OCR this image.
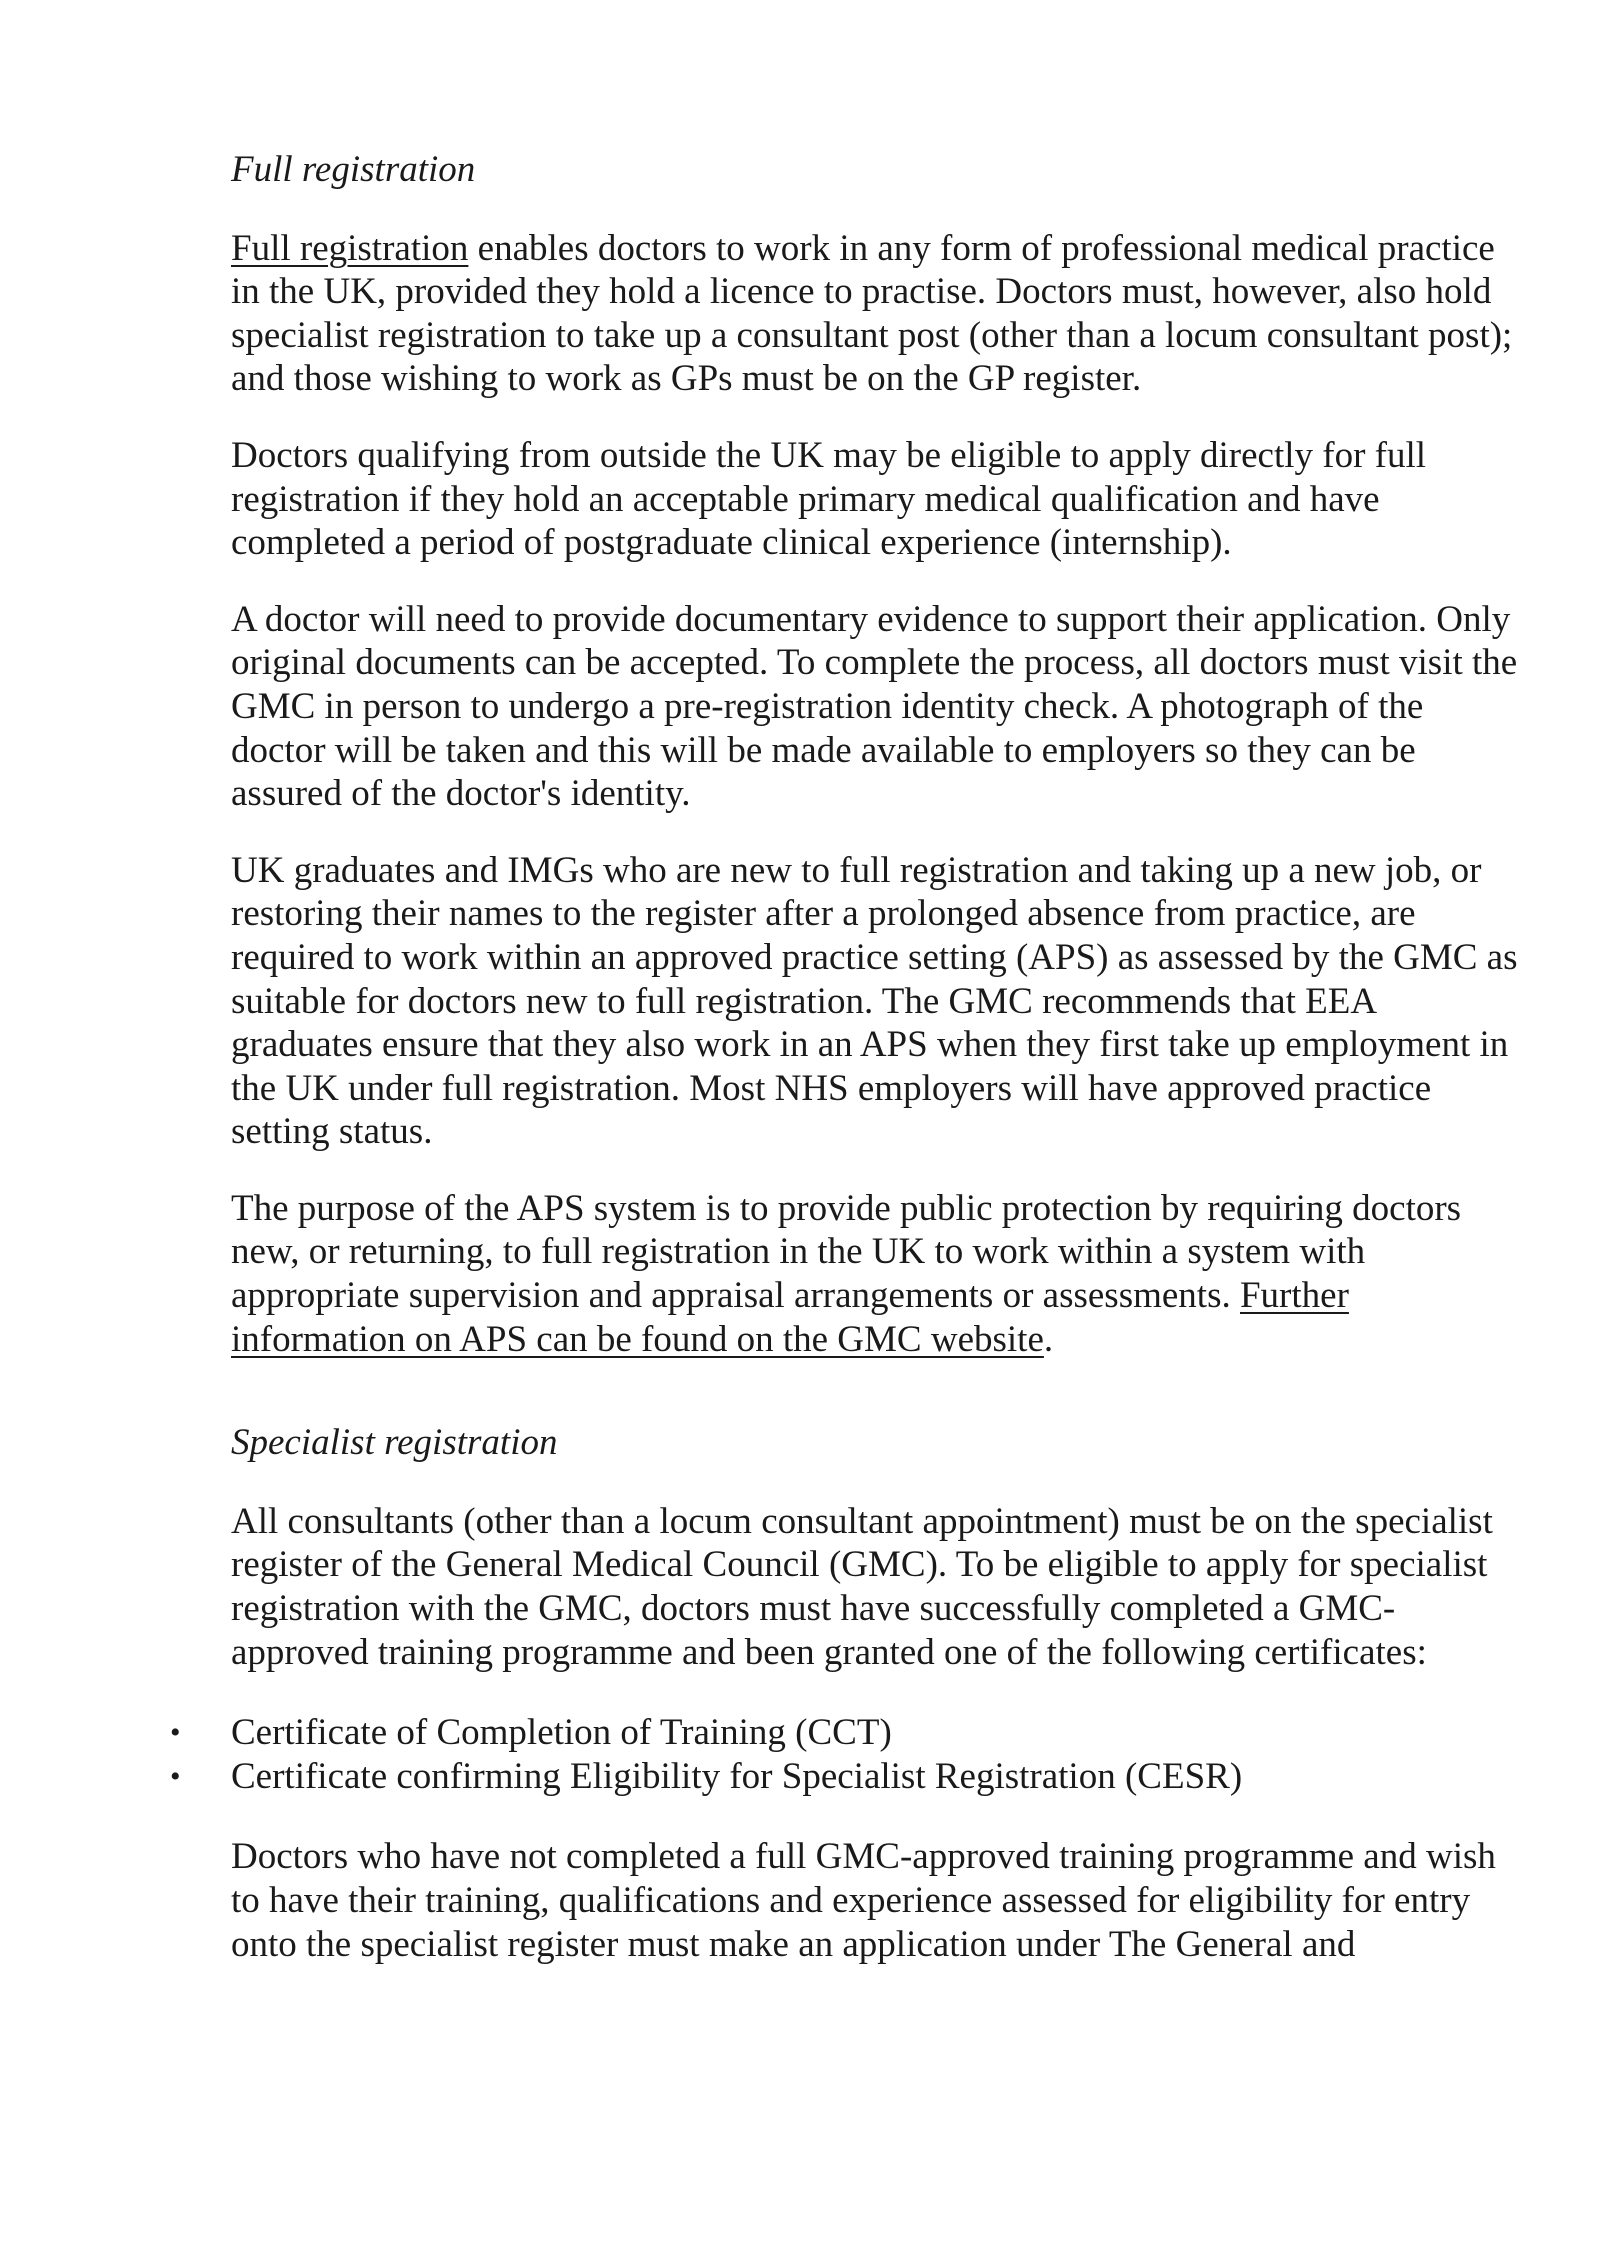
Full registration

Full registration enables doctors to work in any form of professional medical practice in the UK, provided they hold a licence to practise. Doctors must, however, also hold specialist registration to take up a consultant post (other than a locum consultant post); and those wishing to work as GPs must be on the GP register.

Doctors qualifying from outside the UK may be eligible to apply directly for full registration if they hold an acceptable primary medical qualification and have completed a period of postgraduate clinical experience (internship).

A doctor will need to provide documentary evidence to support their application. Only original documents can be accepted. To complete the process, all doctors must visit the GMC in person to undergo a pre-registration identity check. A photograph of the doctor will be taken and this will be made available to employers so they can be assured of the doctor's identity.

UK graduates and IMGs who are new to full registration and taking up a new job, or restoring their names to the register after a prolonged absence from practice, are required to work within an approved practice setting (APS) as assessed by the GMC as suitable for doctors new to full registration. The GMC recommends that EEA graduates ensure that they also work in an APS when they first take up employment in the UK under full registration. Most NHS employers will have approved practice setting status.

The purpose of the APS system is to provide public protection by requiring doctors new, or returning, to full registration in the UK to work within a system with appropriate supervision and appraisal arrangements or assessments. Further information on APS can be found on the GMC website.

Specialist registration

All consultants (other than a locum consultant appointment) must be on the specialist register of the General Medical Council (GMC). To be eligible to apply for specialist registration with the GMC, doctors must have successfully completed a GMC-approved training programme and been granted one of the following certificates:

• Certificate of Completion of Training (CCT)
• Certificate confirming Eligibility for Specialist Registration (CESR)

Doctors who have not completed a full GMC-approved training programme and wish to have their training, qualifications and experience assessed for eligibility for entry onto the specialist register must make an application under The General and
